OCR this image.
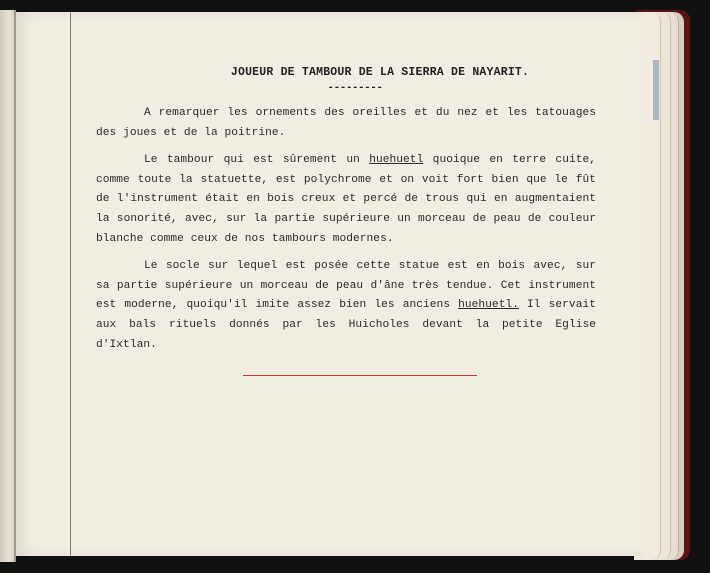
JOUEUR DE TAMBOUR DE LA SIERRA DE NAYARIT.
---------

A remarquer les ornements des oreilles et du nez et les tatouages des joues et de la poitrine.

Le tambour qui est sûrement un huehuetl quoique en terre cuite, comme toute la statuette, est polychrome et on voit fort bien que le fût de l'instrument était en bois creux et percé de trous qui en augmentaient la sonorité, avec, sur la partie supérieure un morceau de peau de couleur blanche comme ceux de nos tambours modernes.

Le socle sur lequel est posée cette statue est en bois avec, sur sa partie supérieure un morceau de peau d'âne très tendue. Cet instrument est moderne, quoiqu'il imite assez bien les anciens huehuetl. Il servait aux bals rituels donnés par les Huicholes devant la petite Eglise d'Ixtlan.
